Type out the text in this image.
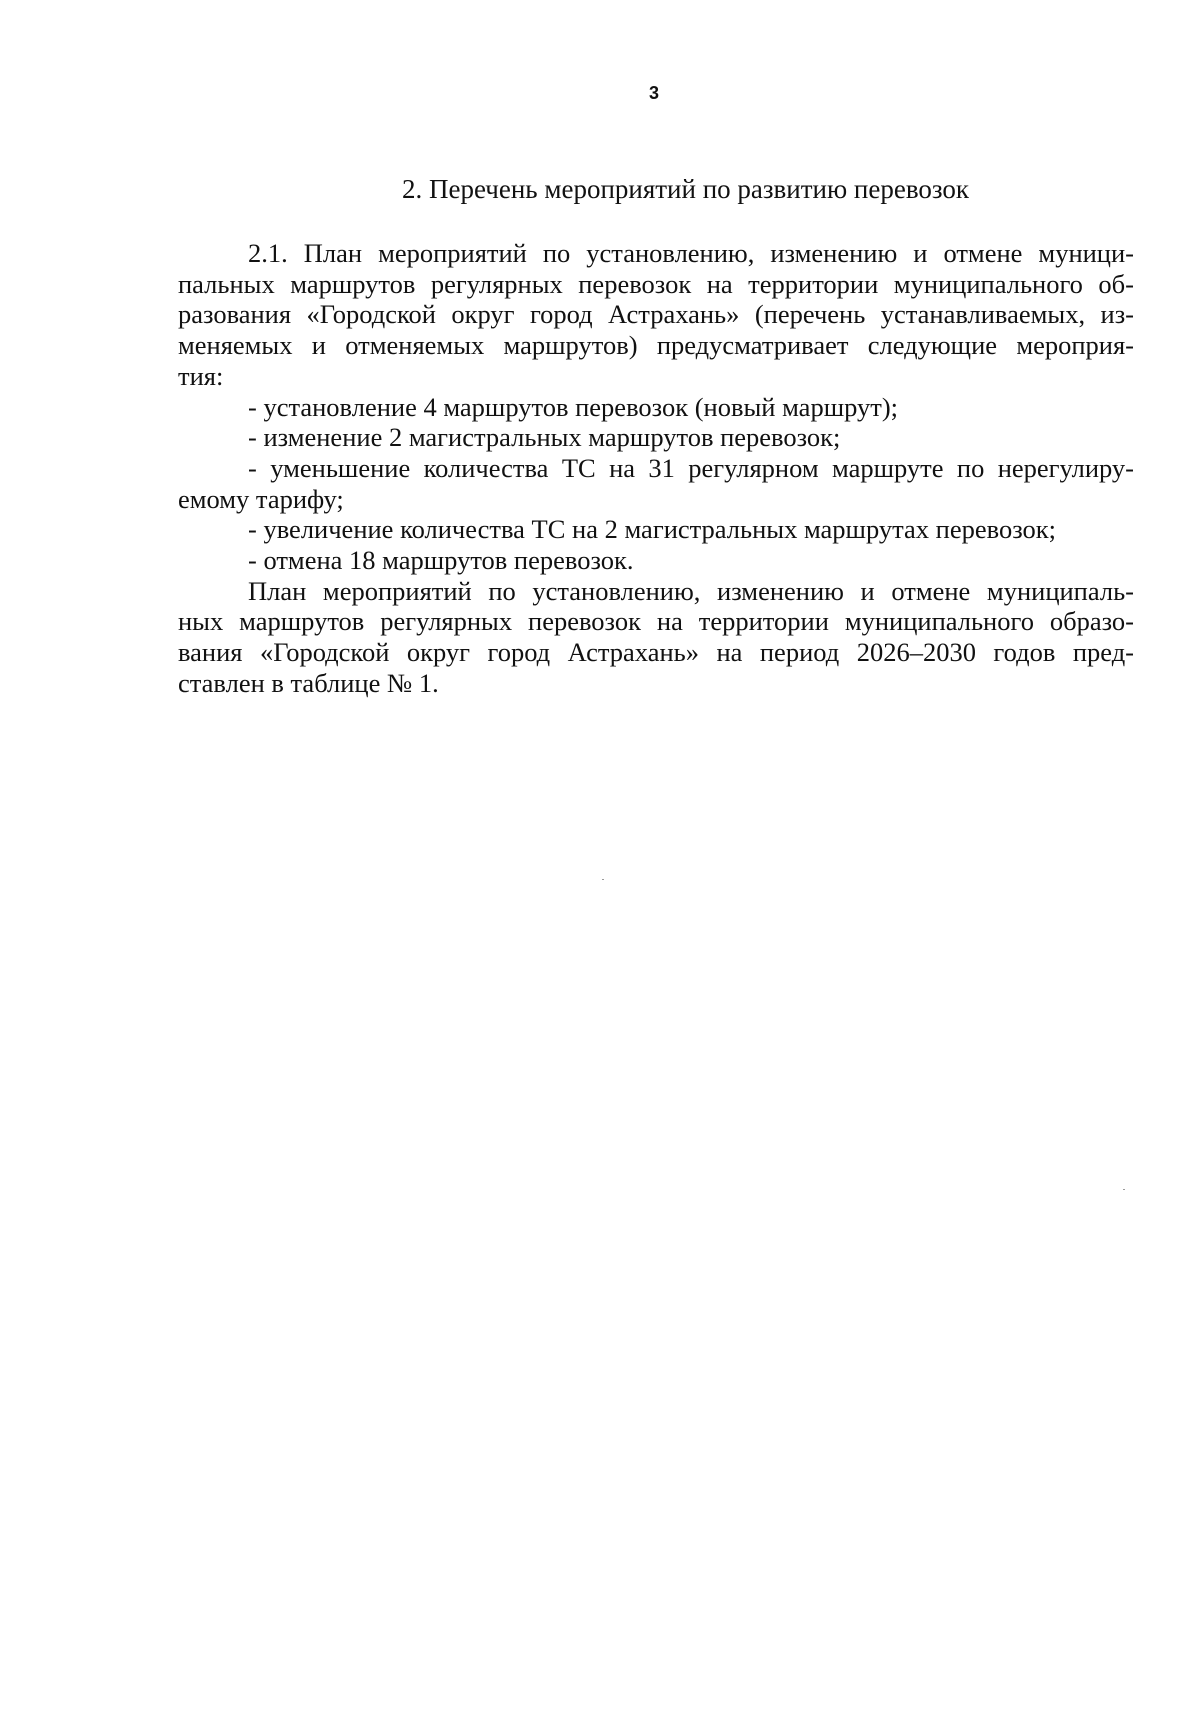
3
2. Перечень мероприятий по развитию перевозок

2.1. План мероприятий по установлению, изменению и отмене муници-
пальных маршрутов регулярных перевозок на территории муниципального об-
разования «Городской округ город Астрахань» (перечень устанавливаемых, из-
меняемых и отменяемых маршрутов) предусматривает следующие мероприя-
тия:

- установление 4 маршрутов перевозок (новый маршрут);
- изменение 2 магистральных маршрутов перевозок;
- уменьшение количества ТС на 31 регулярном маршруте по нерегулиру-
емому тарифу;
- увеличение количества ТС на 2 магистральных маршрутах перевозок;
- отмена 18 маршрутов перевозок.

План мероприятий по установлению, изменению и отмене муниципаль-
ных маршрутов регулярных перевозок на территории муниципального образо-
вания «Городской округ город Астрахань» на период 2026–2030 годов пред-
ставлен в таблице № 1.
